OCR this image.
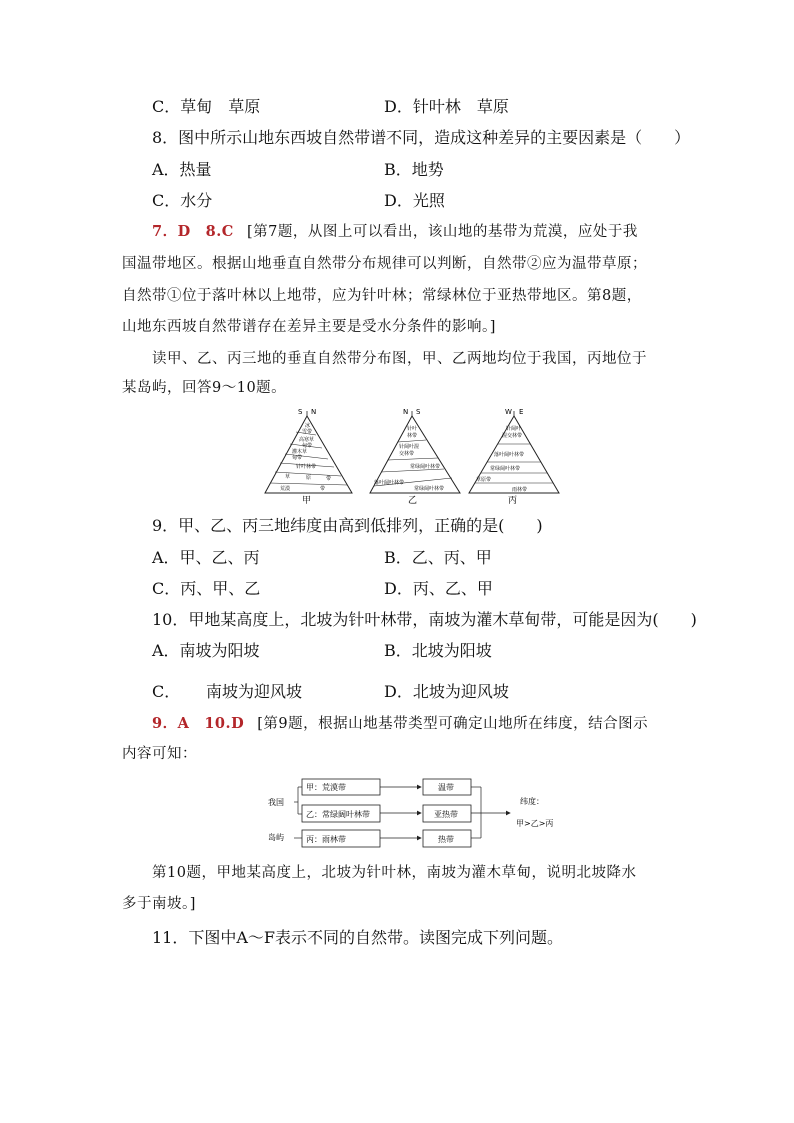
C．草甸　草原	D．针叶林　草原
8．图中所示山地东西坡自然带谱不同，造成这种差异的主要因素是（　　）
A．热量	B．地势
C．水分	D．光照
7．D　8.C [第7题，从图上可以看出，该山地的基带为荒漠，应处于我
国温带地区。根据山地垂直自然带分布规律可以判断，自然带②应为温带草原；
自然带①位于落叶林以上地带，应为针叶林；常绿林位于亚热带地区。第8题，
山地东西坡自然带谱存在差异主要是受水分条件的影响。]
读甲、乙、丙三地的垂直自然带分布图，甲、乙两地均位于我国，丙地位于
某岛屿，回答9～10题。
S N
冰
雪带
高寒草
甸带
灌木草
甸带
针叶林带
草	原	带
荒漠	带
甲
N S
针叶
林带
针阔叶混
交林带
常绿阔叶林带
落叶阔叶林带
常绿阔叶林带
乙
W E
针阔叶
混交林带
落叶阔叶林带
常绿阔叶林带
草原带
雨林带
丙
9．甲、乙、丙三地纬度由高到低排列，正确的是(　　)
A．甲、乙、丙	B．乙、丙、甲
C．丙、甲、乙	D．丙、乙、甲
10．甲地某高度上，北坡为针叶林带，南坡为灌木草甸带，可能是因为(　　)
A．南坡为阳坡	B．北坡为阳坡
C． 南坡为迎风坡	D．北坡为迎风坡
9．A　10.D [第9题，根据山地基带类型可确定山地所在纬度，结合图示
内容可知：
我国
岛屿
甲：荒漠带
乙：常绿阔叶林带
丙：雨林带
温带
亚热带
热带
纬度：
甲>乙>丙
第10题，甲地某高度上，北坡为针叶林，南坡为灌木草甸，说明北坡降水
多于南坡。]
11．下图中A～F表示不同的自然带。读图完成下列问题。
